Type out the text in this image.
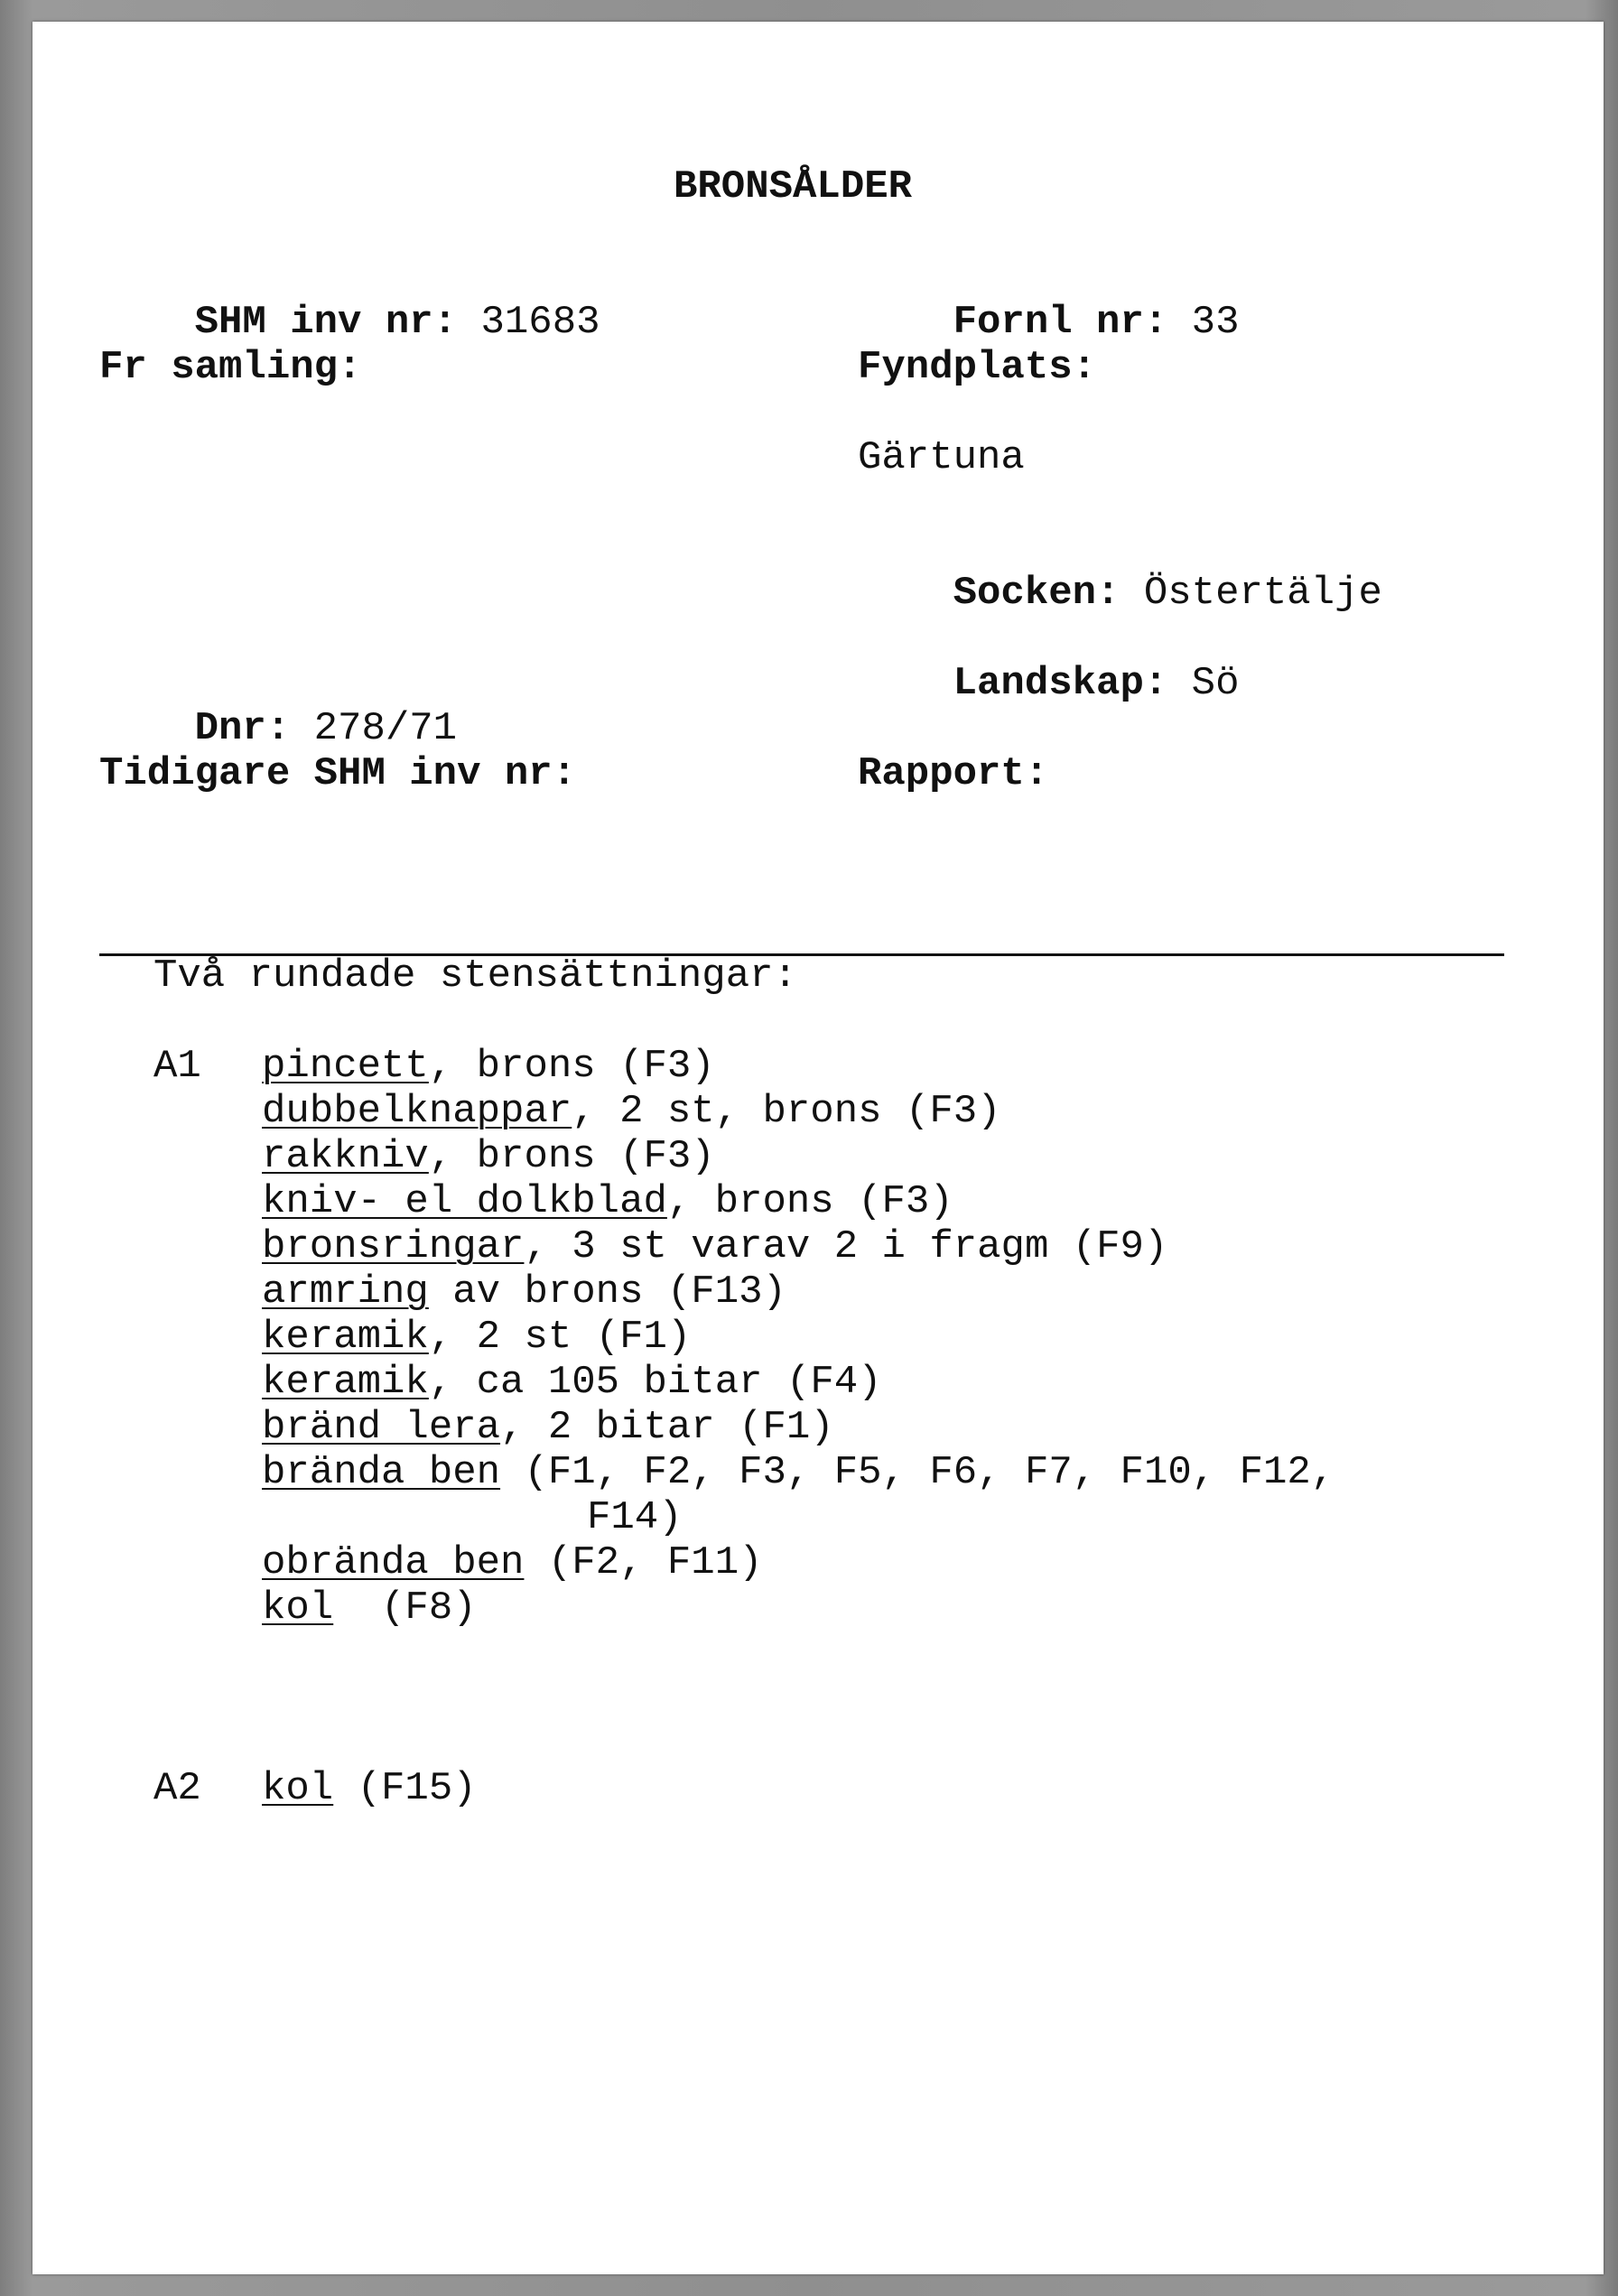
BRONSÅLDER

SHM inv nr: 31683

Fr samling:

Dnr: 278/71

Tidigare SHM inv nr:

Fornl nr: 33

Fyndplats:
Gärtuna

Socken: Östertälje

Landskap: Sö

Rapport:
Två rundade stensättningar:
A1 pincett, brons (F3)
dubbelknappar, 2 st, brons (F3)
rakkniv, brons (F3)
kniv- el dolkblad, brons (F3)
bronsringar, 3 st varav 2 i fragm (F9)
armring av brons (F13)
keramik, 2 st (F1)
keramik, ca 105 bitar (F4)
bränd lera, 2 bitar (F1)
brända ben (F1, F2, F3, F5, F6, F7, F10, F12,
F14)
obrända ben (F2, F11)
kol  (F8)
A2 kol (F15)
